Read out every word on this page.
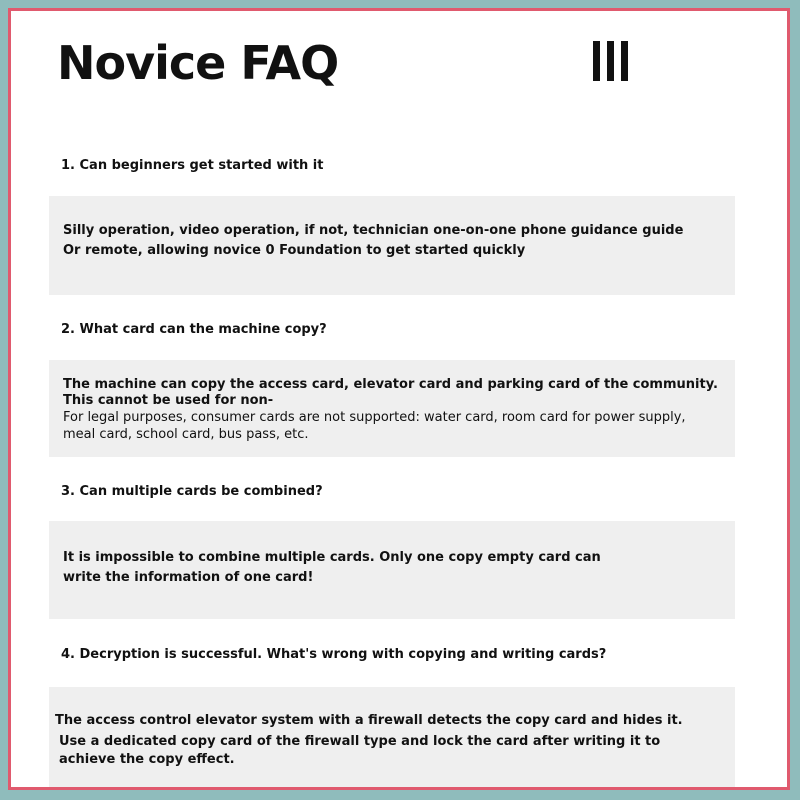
Novice FAQ

1. Can beginners get started with it

Silly operation, video operation, if not, technician one-on-one phone guidance guide

Or remote, allowing novice 0 Foundation to get started quickly

2. What card can the machine copy?

The machine can copy the access card, elevator card and parking card of the community. This cannot be used for non-

For legal purposes, consumer cards are not supported: water card, room card for power supply, meal card, school card, bus pass, etc.

3. Can multiple cards be combined?

It is impossible to combine multiple cards. Only one copy empty card can

write the information of one card!

4. Decryption is successful. What's wrong with copying and writing cards?

The access control elevator system with a firewall detects the copy card and hides it.

Use a dedicated copy card of the firewall type and lock the card after writing it to achieve the copy effect.
